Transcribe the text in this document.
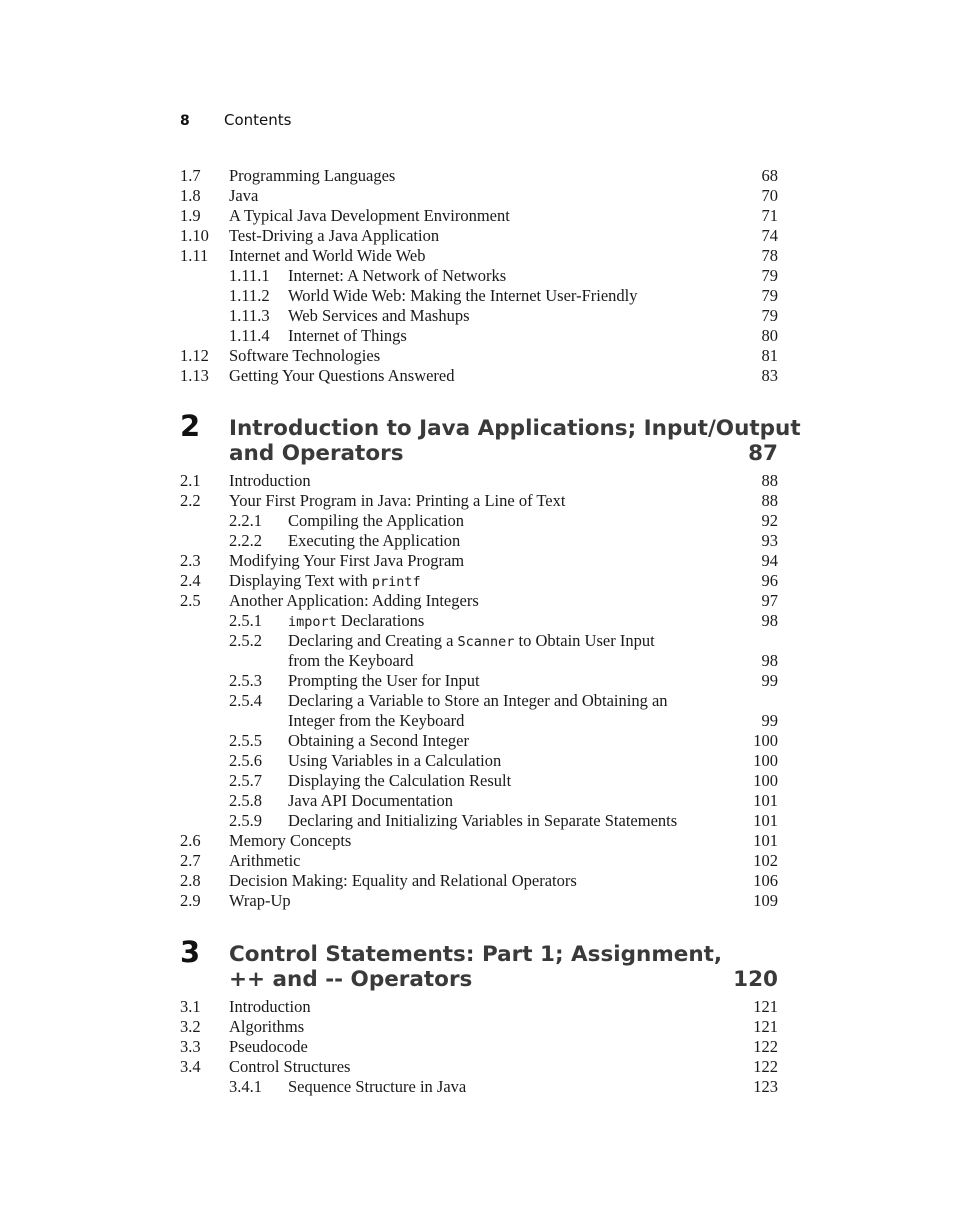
8 Contents
1.7 Programming Languages	68
1.8 Java	70
1.9 A Typical Java Development Environment	71
1.10 Test-Driving a Java Application	74
1.11 Internet and World Wide Web	78
1.11.1 Internet: A Network of Networks	79
1.11.2 World Wide Web: Making the Internet User-Friendly	79
1.11.3 Web Services and Mashups	79
1.11.4 Internet of Things	80
1.12 Software Technologies	81
1.13 Getting Your Questions Answered	83
2 Introduction to Java Applications; Input/Output
and Operators	87
2.1 Introduction	88
2.2 Your First Program in Java: Printing a Line of Text	88
2.2.1 Compiling the Application	92
2.2.2 Executing the Application	93
2.3 Modifying Your First Java Program	94
2.4 Displaying Text with printf	96
2.5 Another Application: Adding Integers	97
2.5.1 import Declarations	98
2.5.2 Declaring and Creating a Scanner to Obtain User Input
from the Keyboard	98
2.5.3 Prompting the User for Input	99
2.5.4 Declaring a Variable to Store an Integer and Obtaining an
Integer from the Keyboard	99
2.5.5 Obtaining a Second Integer	100
2.5.6 Using Variables in a Calculation	100
2.5.7 Displaying the Calculation Result	100
2.5.8 Java API Documentation	101
2.5.9 Declaring and Initializing Variables in Separate Statements	101
2.6 Memory Concepts	101
2.7 Arithmetic	102
2.8 Decision Making: Equality and Relational Operators	106
2.9 Wrap-Up	109
3 Control Statements: Part 1; Assignment,
++ and -- Operators	120
3.1 Introduction	121
3.2 Algorithms	121
3.3 Pseudocode	122
3.4 Control Structures	122
3.4.1 Sequence Structure in Java	123
